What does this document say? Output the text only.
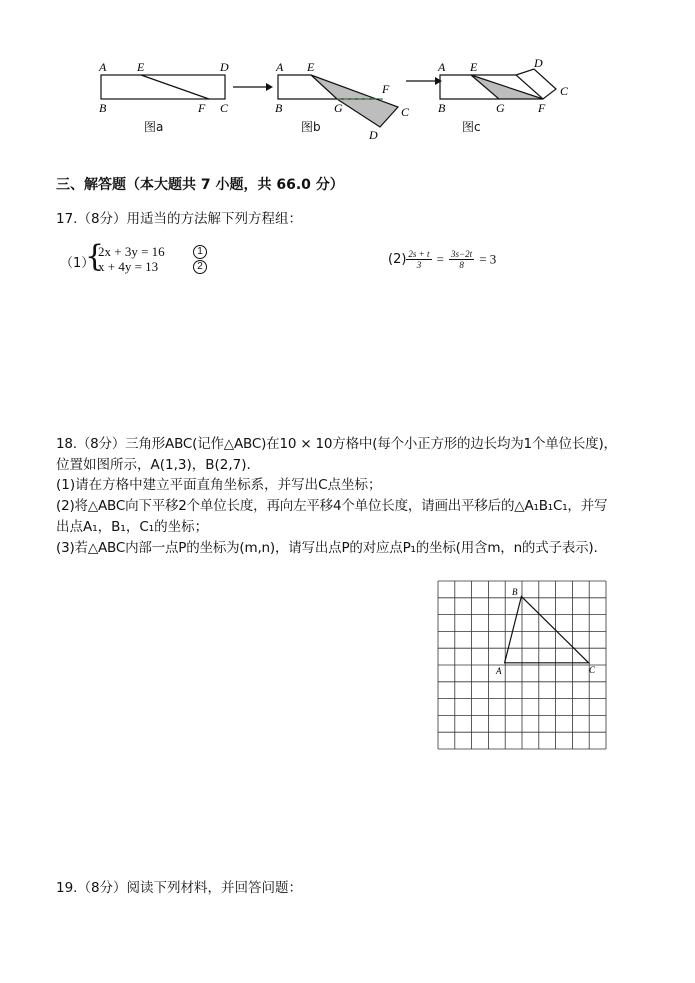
A	E	D
B	F C
A E
F
B	G	C
D
A E	D
C
B	G	F
图a	图b	图c
三、解答题（本大题共 7 小题，共 66.0 分）
17.（8分）用适当的方法解下列方程组：
（1）
{
2x + 3y = 16
x + 4y = 13
1
2	$(2) \frac{2s + t}{3} = \frac{3s-2t}{8} = 3$
18.（8分）三角形ABC(记作△ABC)在10 × 10方格中(每个小正方形的边长均为1个单位长度)，
位置如图所示，A(1,3)，B(2,7).
(1)请在方格中建立平面直角坐标系，并写出C点坐标；
(2)将△ABC向下平移2个单位长度，再向左平移4个单位长度，请画出平移后的△A₁B₁C₁，并写
出点A₁，B₁，C₁的坐标；
(3)若△ABC内部一点P的坐标为(m,n)，请写出点P的对应点P₁的坐标(用含m，n的式子表示).
A
B
C
19.（8分）阅读下列材料，并回答问题：
